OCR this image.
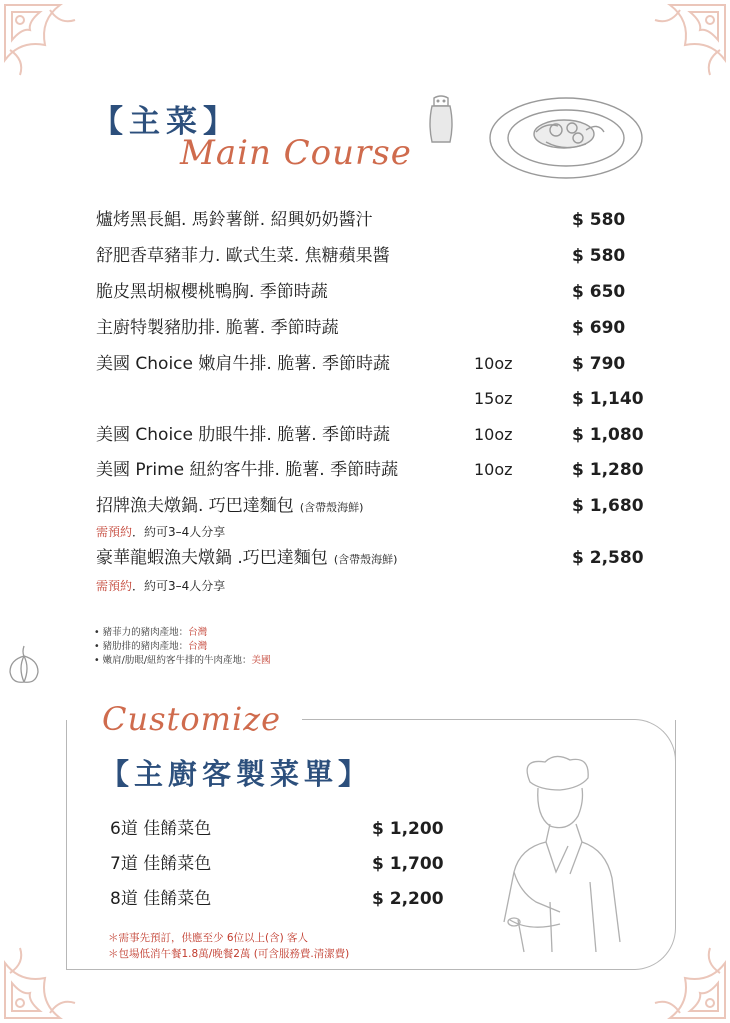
【主菜】
Main Course
爐烤黑長鯧. 馬鈴薯餅. 紹興奶奶醬汁	$ 580
舒肥香草豬菲力. 歐式生菜. 焦糖蘋果醬	$ 580
脆皮黑胡椒櫻桃鴨胸. 季節時蔬	$ 650
主廚特製豬肋排. 脆薯. 季節時蔬	$ 690
美國 Choice 嫩肩牛排. 脆薯. 季節時蔬	10oz	$ 790
15oz	$ 1,140
美國 Choice 肋眼牛排. 脆薯. 季節時蔬	10oz	$ 1,080
美國 Prime 紐約客牛排. 脆薯. 季節時蔬	10oz	$ 1,280
招牌漁夫燉鍋. 巧巴達麵包 (含帶殼海鮮)	$ 1,680
需預約．約可3–4人分享
豪華龍蝦漁夫燉鍋 .巧巴達麵包 (含帶殼海鮮)	$ 2,580
需預約．約可3–4人分享
• 豬菲力的豬肉產地：台灣
• 豬肋排的豬肉產地：台灣
• 嫩肩/肋眼/紐約客牛排的牛肉產地：美國
Customize
【主廚客製菜單】
6道 佳餚菜色	$ 1,200
7道 佳餚菜色	$ 1,700
8道 佳餚菜色	$ 2,200
＊需事先預訂，供應至少 6位以上(含) 客人
＊包場低消午餐1.8萬/晚餐2萬 (可含服務費.清潔費)
